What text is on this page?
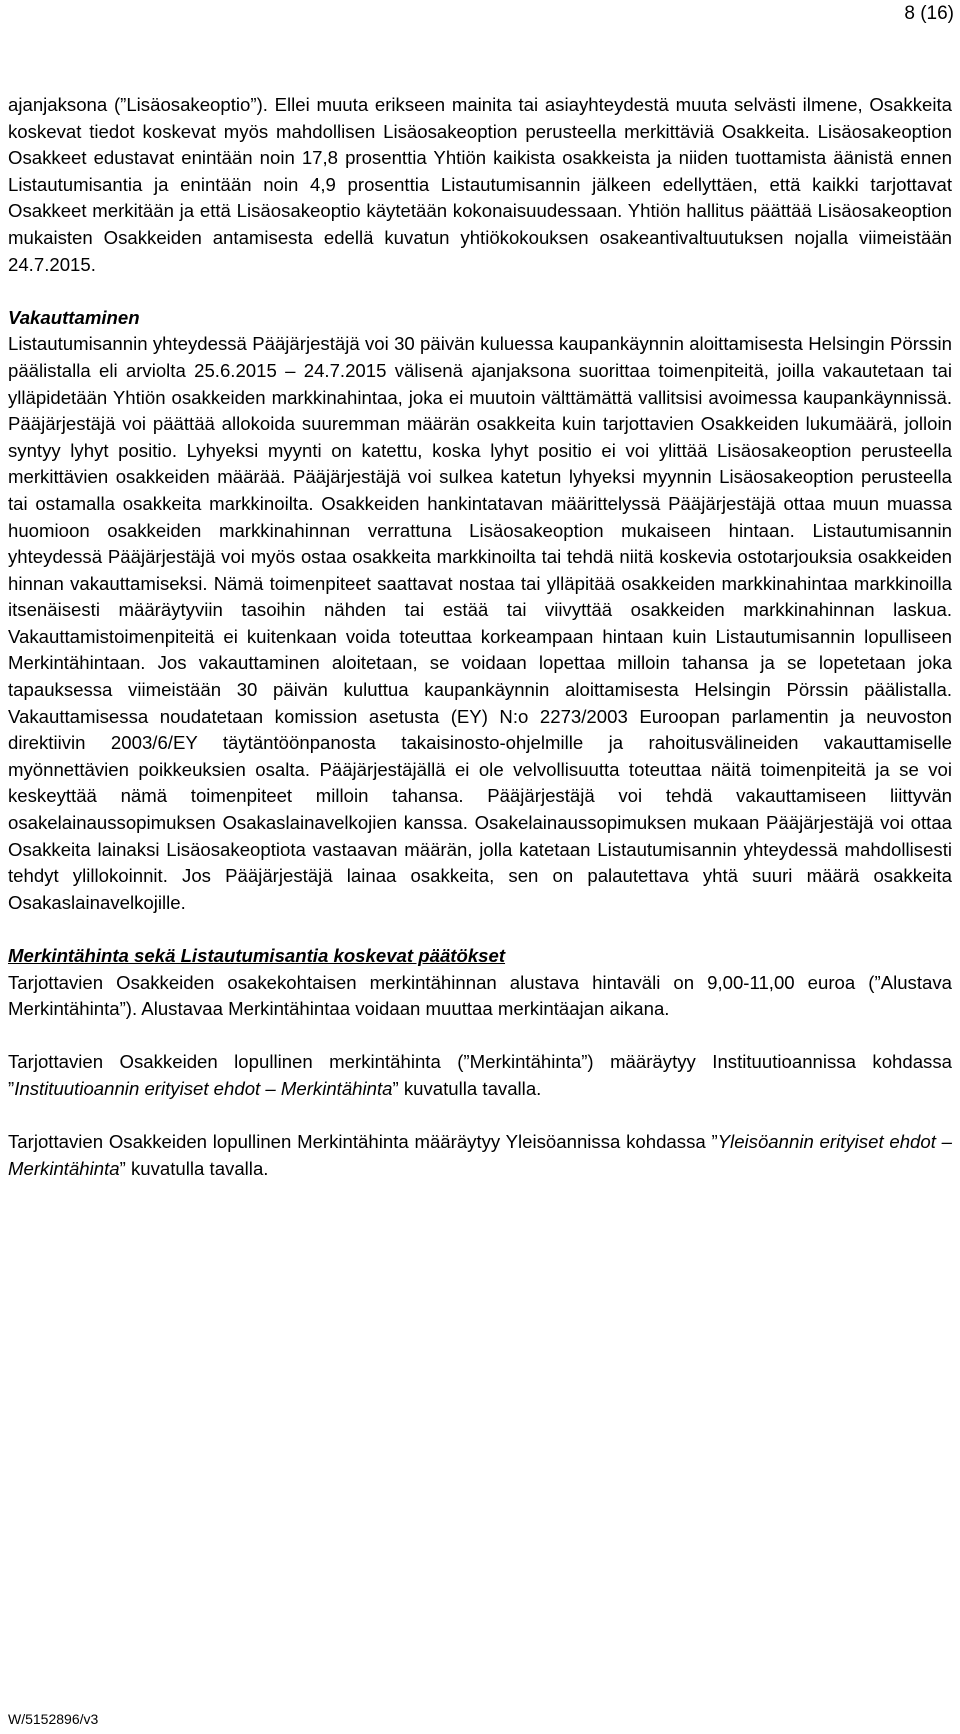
8 (16)

ajanjaksona (”Lisäosakeoptio”). Ellei muuta erikseen mainita tai asiayhteydestä muuta selvästi ilmene, Osakkeita koskevat tiedot koskevat myös mahdollisen Lisäosakeoption perusteella merkittäviä Osakkeita. Lisäosakeoption Osakkeet edustavat enintään noin 17,8 prosenttia Yhtiön kaikista osakkeista ja niiden tuottamista äänistä ennen Listautumisantia ja enintään noin 4,9 prosenttia Listautumisannin jälkeen edellyttäen, että kaikki tarjottavat Osakkeet merkitään ja että Lisäosakeoptio käytetään kokonaisuudessaan. Yhtiön hallitus päättää Lisäosakeoption mukaisten Osakkeiden antamisesta edellä kuvatun yhtiökokouksen osakeantivaltuutuksen nojalla viimeistään 24.7.2015.

Vakauttaminen

Listautumisannin yhteydessä Pääjärjestäjä voi 30 päivän kuluessa kaupankäynnin aloittamisesta Helsingin Pörssin päälistalla eli arviolta 25.6.2015 – 24.7.2015 välisenä ajanjaksona suorittaa toimenpiteitä, joilla vakautetaan tai ylläpidetään Yhtiön osakkeiden markkinahintaa, joka ei muutoin välttämättä vallitsisi avoimessa kaupankäynnissä. Pääjärjestäjä voi päättää allokoida suuremman määrän osakkeita kuin tarjottavien Osakkeiden lukumäärä, jolloin syntyy lyhyt positio. Lyhyeksi myynti on katettu, koska lyhyt positio ei voi ylittää Lisäosakeoption perusteella merkittävien osakkeiden määrää. Pääjärjestäjä voi sulkea katetun lyhyeksi myynnin Lisäosakeoption perusteella tai ostamalla osakkeita markkinoilta. Osakkeiden hankintatavan määrittelyssä Pääjärjestäjä ottaa muun muassa huomioon osakkeiden markkinahinnan verrattuna Lisäosakeoption mukaiseen hintaan. Listautumisannin yhteydessä Pääjärjestäjä voi myös ostaa osakkeita markkinoilta tai tehdä niitä koskevia ostotarjouksia osakkeiden hinnan vakauttamiseksi. Nämä toimenpiteet saattavat nostaa tai ylläpitää osakkeiden markkinahintaa markkinoilla itsenäisesti määräytyviin tasoihin nähden tai estää tai viivyttää osakkeiden markkinahinnan laskua. Vakauttamistoimenpiteitä ei kuitenkaan voida toteuttaa korkeampaan hintaan kuin Listautumisannin lopulliseen Merkintähintaan. Jos vakauttaminen aloitetaan, se voidaan lopettaa milloin tahansa ja se lopetetaan joka tapauksessa viimeistään 30 päivän kuluttua kaupankäynnin aloittamisesta Helsingin Pörssin päälistalla. Vakauttamisessa noudatetaan komission asetusta (EY) N:o 2273/2003 Euroopan parlamentin ja neuvoston direktiivin 2003/6/EY täytäntöönpanosta takaisinosto-ohjelmille ja rahoitusvälineiden vakauttamiselle myönnettävien poikkeuksien osalta. Pääjärjestäjällä ei ole velvollisuutta toteuttaa näitä toimenpiteitä ja se voi keskeyttää nämä toimenpiteet milloin tahansa. Pääjärjestäjä voi tehdä vakauttamiseen liittyvän osakelainaussopimuksen Osakaslainavelkojien kanssa. Osakelainaussopimuksen mukaan Pääjärjestäjä voi ottaa Osakkeita lainaksi Lisäosakeoptiota vastaavan määrän, jolla katetaan Listautumisannin yhteydessä mahdollisesti tehdyt ylillokoinnit. Jos Pääjärjestäjä lainaa osakkeita, sen on palautettava yhtä suuri määrä osakkeita Osakaslainavelkojille.

Merkintähinta sekä Listautumisantia koskevat päätökset

Tarjottavien Osakkeiden osakekohtaisen merkintähinnan alustava hintaväli on 9,00-11,00 euroa (”Alustava Merkintähinta”). Alustavaa Merkintähintaa voidaan muuttaa merkintäajan aikana.

Tarjottavien Osakkeiden lopullinen merkintähinta (”Merkintähinta”) määräytyy Instituutioannissa kohdassa ”Instituutioannin erityiset ehdot – Merkintähinta” kuvatulla tavalla.

Tarjottavien Osakkeiden lopullinen Merkintähinta määräytyy Yleisöannissa kohdassa ”Yleisöannin erityiset ehdot – Merkintähinta” kuvatulla tavalla.

W/5152896/v3
